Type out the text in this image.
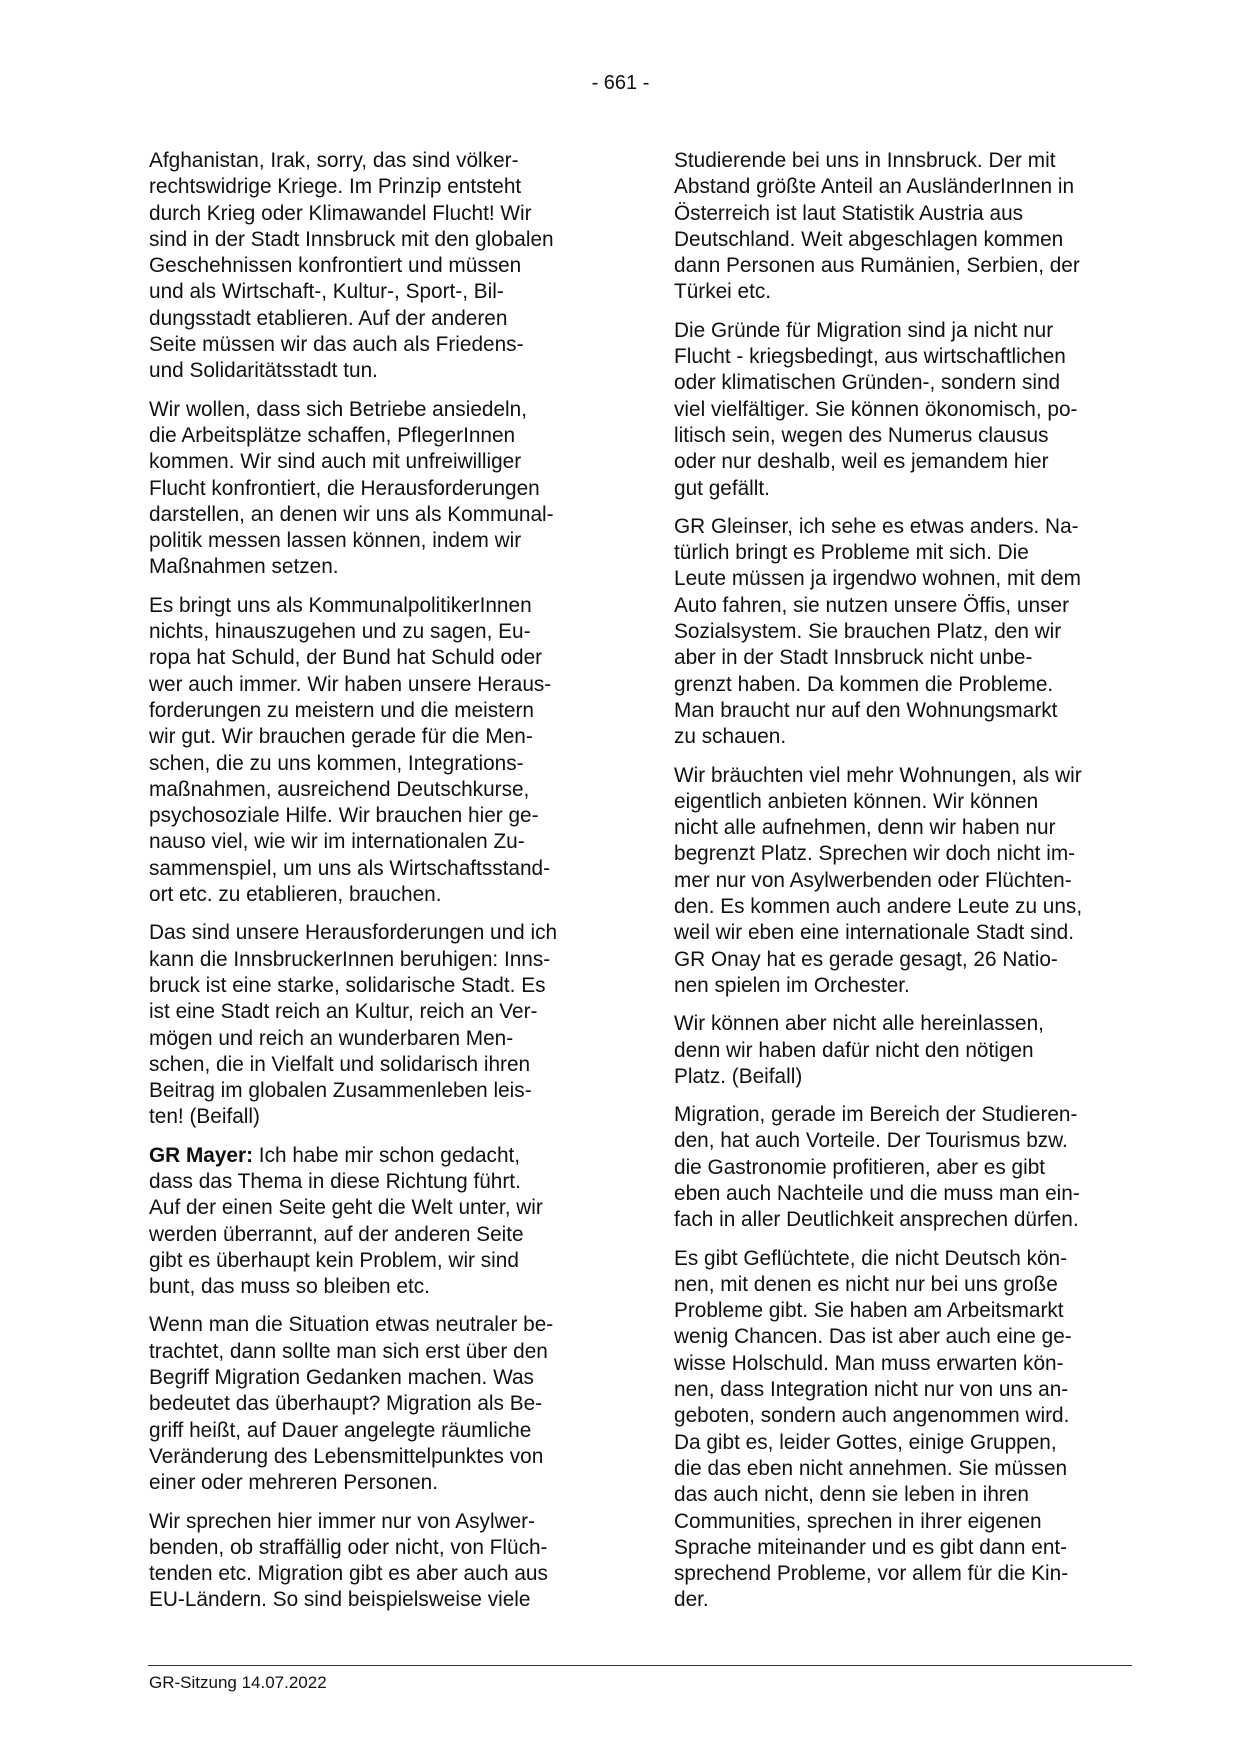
- 661 -

Afghanistan, Irak, sorry, das sind völker-
rechtswidrige Kriege. Im Prinzip entsteht
durch Krieg oder Klimawandel Flucht! Wir
sind in der Stadt Innsbruck mit den globalen
Geschehnissen konfrontiert und müssen
und als Wirtschaft-, Kultur-, Sport-, Bil-
dungsstadt etablieren. Auf der anderen
Seite müssen wir das auch als Friedens-
und Solidaritätsstadt tun.

Wir wollen, dass sich Betriebe ansiedeln,
die Arbeitsplätze schaffen, PflegerInnen
kommen. Wir sind auch mit unfreiwilliger
Flucht konfrontiert, die Herausforderungen
darstellen, an denen wir uns als Kommunal-
politik messen lassen können, indem wir
Maßnahmen setzen.

Es bringt uns als KommunalpolitikerInnen
nichts, hinauszugehen und zu sagen, Eu-
ropa hat Schuld, der Bund hat Schuld oder
wer auch immer. Wir haben unsere Heraus-
forderungen zu meistern und die meistern
wir gut. Wir brauchen gerade für die Men-
schen, die zu uns kommen, Integrations-
maßnahmen, ausreichend Deutschkurse,
psychosoziale Hilfe. Wir brauchen hier ge-
nauso viel, wie wir im internationalen Zu-
sammenspiel, um uns als Wirtschaftsstand-
ort etc. zu etablieren, brauchen.

Das sind unsere Herausforderungen und ich
kann die InnsbruckerInnen beruhigen: Inns-
bruck ist eine starke, solidarische Stadt. Es
ist eine Stadt reich an Kultur, reich an Ver-
mögen und reich an wunderbaren Men-
schen, die in Vielfalt und solidarisch ihren
Beitrag im globalen Zusammenleben leis-
ten! (Beifall)

GR Mayer: Ich habe mir schon gedacht,
dass das Thema in diese Richtung führt.
Auf der einen Seite geht die Welt unter, wir
werden überrannt, auf der anderen Seite
gibt es überhaupt kein Problem, wir sind
bunt, das muss so bleiben etc.

Wenn man die Situation etwas neutraler be-
trachtet, dann sollte man sich erst über den
Begriff Migration Gedanken machen. Was
bedeutet das überhaupt? Migration als Be-
griff heißt, auf Dauer angelegte räumliche
Veränderung des Lebensmittelpunktes von
einer oder mehreren Personen.

Wir sprechen hier immer nur von Asylwer-
benden, ob straffällig oder nicht, von Flüch-
tenden etc. Migration gibt es aber auch aus
EU-Ländern. So sind beispielsweise viele

Studierende bei uns in Innsbruck. Der mit
Abstand größte Anteil an AusländerInnen in
Österreich ist laut Statistik Austria aus
Deutschland. Weit abgeschlagen kommen
dann Personen aus Rumänien, Serbien, der
Türkei etc.

Die Gründe für Migration sind ja nicht nur
Flucht - kriegsbedingt, aus wirtschaftlichen
oder klimatischen Gründen-, sondern sind
viel vielfältiger. Sie können ökonomisch, po-
litisch sein, wegen des Numerus clausus
oder nur deshalb, weil es jemandem hier
gut gefällt.

GR Gleinser, ich sehe es etwas anders. Na-
türlich bringt es Probleme mit sich. Die
Leute müssen ja irgendwo wohnen, mit dem
Auto fahren, sie nutzen unsere Öffis, unser
Sozialsystem. Sie brauchen Platz, den wir
aber in der Stadt Innsbruck nicht unbe-
grenzt haben. Da kommen die Probleme.
Man braucht nur auf den Wohnungsmarkt
zu schauen.

Wir bräuchten viel mehr Wohnungen, als wir
eigentlich anbieten können. Wir können
nicht alle aufnehmen, denn wir haben nur
begrenzt Platz. Sprechen wir doch nicht im-
mer nur von Asylwerbenden oder Flüchten-
den. Es kommen auch andere Leute zu uns,
weil wir eben eine internationale Stadt sind.
GR Onay hat es gerade gesagt, 26 Natio-
nen spielen im Orchester.

Wir können aber nicht alle hereinlassen,
denn wir haben dafür nicht den nötigen
Platz. (Beifall)

Migration, gerade im Bereich der Studieren-
den, hat auch Vorteile. Der Tourismus bzw.
die Gastronomie profitieren, aber es gibt
eben auch Nachteile und die muss man ein-
fach in aller Deutlichkeit ansprechen dürfen.

Es gibt Geflüchtete, die nicht Deutsch kön-
nen, mit denen es nicht nur bei uns große
Probleme gibt. Sie haben am Arbeitsmarkt
wenig Chancen. Das ist aber auch eine ge-
wisse Holschuld. Man muss erwarten kön-
nen, dass Integration nicht nur von uns an-
geboten, sondern auch angenommen wird.
Da gibt es, leider Gottes, einige Gruppen,
die das eben nicht annehmen. Sie müssen
das auch nicht, denn sie leben in ihren
Communities, sprechen in ihrer eigenen
Sprache miteinander und es gibt dann ent-
sprechend Probleme, vor allem für die Kin-
der.

GR-Sitzung 14.07.2022
